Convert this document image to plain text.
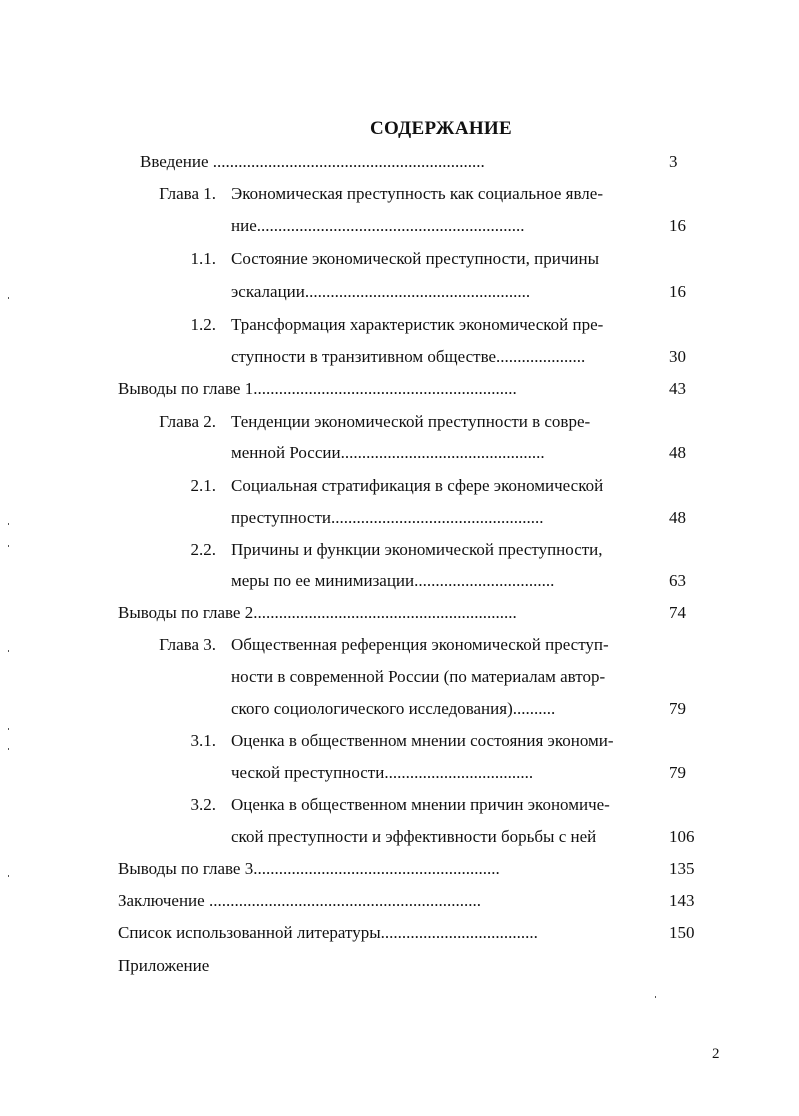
СОДЕРЖАНИЕ
Введение ................................................................	3
Глава 1. Экономическая преступность как социальное явле-
ние...............................................................	16
1.1. Состояние экономической преступности, причины
эскалации.....................................................	16
1.2. Трансформация характеристик экономической пре-
ступности в транзитивном обществе.....................	30
Выводы по главе 1..............................................................	43
Глава 2. Тенденции экономической преступности в совре-
менной России................................................	48
2.1. Социальная стратификация в сфере экономической
преступности..................................................	48
2.2. Причины и функции экономической преступности,
меры по ее минимизации.................................	63
Выводы по главе 2..............................................................	74
Глава 3. Общественная референция экономической преступ-
ности в современной России (по материалам автор-
ского социологического исследования)..........	79
3.1. Оценка в общественном мнении состояния экономи-
ческой преступности...................................	79
3.2. Оценка в общественном мнении причин экономиче-
ской преступности и эффективности борьбы с ней	106
Выводы по главе 3..........................................................	135
Заключение ................................................................	143
Список использованной литературы.....................................	150
Приложение
2
